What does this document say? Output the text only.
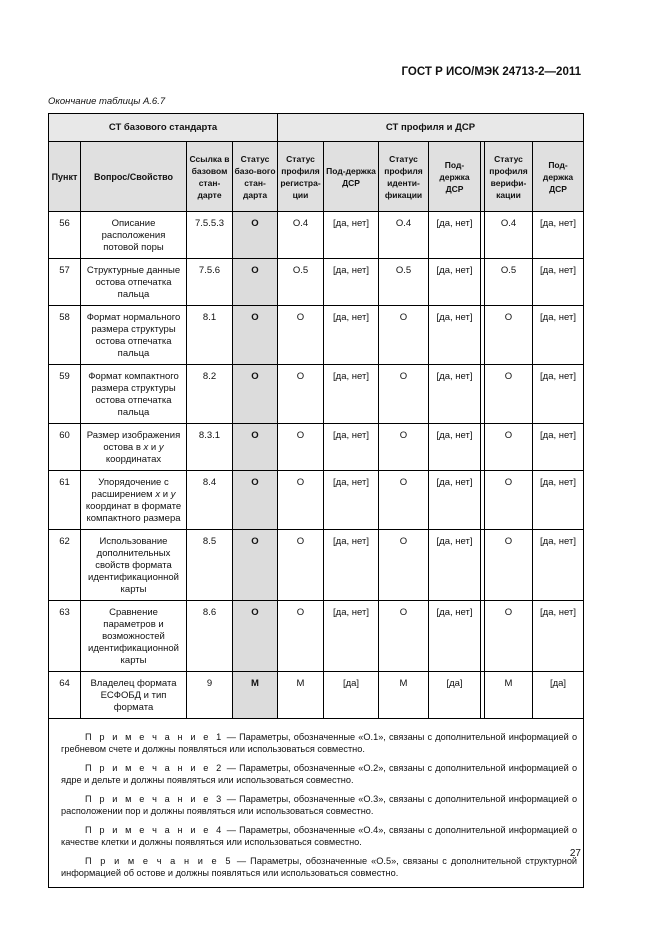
ГОСТ Р ИСО/МЭК 24713-2—2011
Окончание таблицы А.6.7
СТ базового стандарта				СТ профиля и ДСР						
Пункт	Вопрос/Свойство	Ссылка в базовом стан-дарте	Статус базо-вого стан-дарта	Статус профиля регистра-ции	Под-держка ДСР	Статус профиля иденти-фикации	Под-держка ДСР		Статус профиля верифи-кации	Под-держка ДСР
56	Описание расположения потовой поры	7.5.5.3	O	O.4	[да, нет]	O.4	[да, нет]		O.4	[да, нет]
57	Структурные данные остова отпечатка пальца	7.5.6	O	O.5	[да, нет]	O.5	[да, нет]		O.5	[да, нет]
58	Формат нормального размера структуры остова отпечатка пальца	8.1	O	O	[да, нет]	O	[да, нет]		O	[да, нет]
59	Формат компактного размера структуры остова отпечатка пальца	8.2	O	O	[да, нет]	O	[да, нет]		O	[да, нет]
60	Размер изображения остова в x и y координатах	8.3.1	O	O	[да, нет]	O	[да, нет]		O	[да, нет]
61	Упорядочение с расширением x и y координат в формате компактного размера	8.4	O	O	[да, нет]	O	[да, нет]		O	[да, нет]
62	Использование дополнительных свойств формата идентификационной карты	8.5	O	O	[да, нет]	O	[да, нет]		O	[да, нет]
63	Сравнение параметров и возможностей идентификационной карты	8.6	O	O	[да, нет]	O	[да, нет]		O	[да, нет]
64	Владелец формата ЕСФОБД и тип формата	9	M	M	[да]	M	[да]		M	[да]

П р и м е ч а н и е 1 — Параметры, обозначенные «O.1», связаны с дополнительной информацией о гребневом счете и должны появляться или использоваться совместно.

П р и м е ч а н и е 2 — Параметры, обозначенные «O.2», связаны с дополнительной информацией о ядре и дельте и должны появляться или использоваться совместно.

П р и м е ч а н и е 3 — Параметры, обозначенные «O.3», связаны с дополнительной информацией о расположении пор и должны появляться или использоваться совместно.

П р и м е ч а н и е 4 — Параметры, обозначенные «O.4», связаны с дополнительной информацией о качестве клетки и должны появляться или использоваться совместно.

П р и м е ч а н и е 5 — Параметры, обозначенные «O.5», связаны с дополнительной структурной информацией об остове и должны появляться или использоваться совместно.										

27
